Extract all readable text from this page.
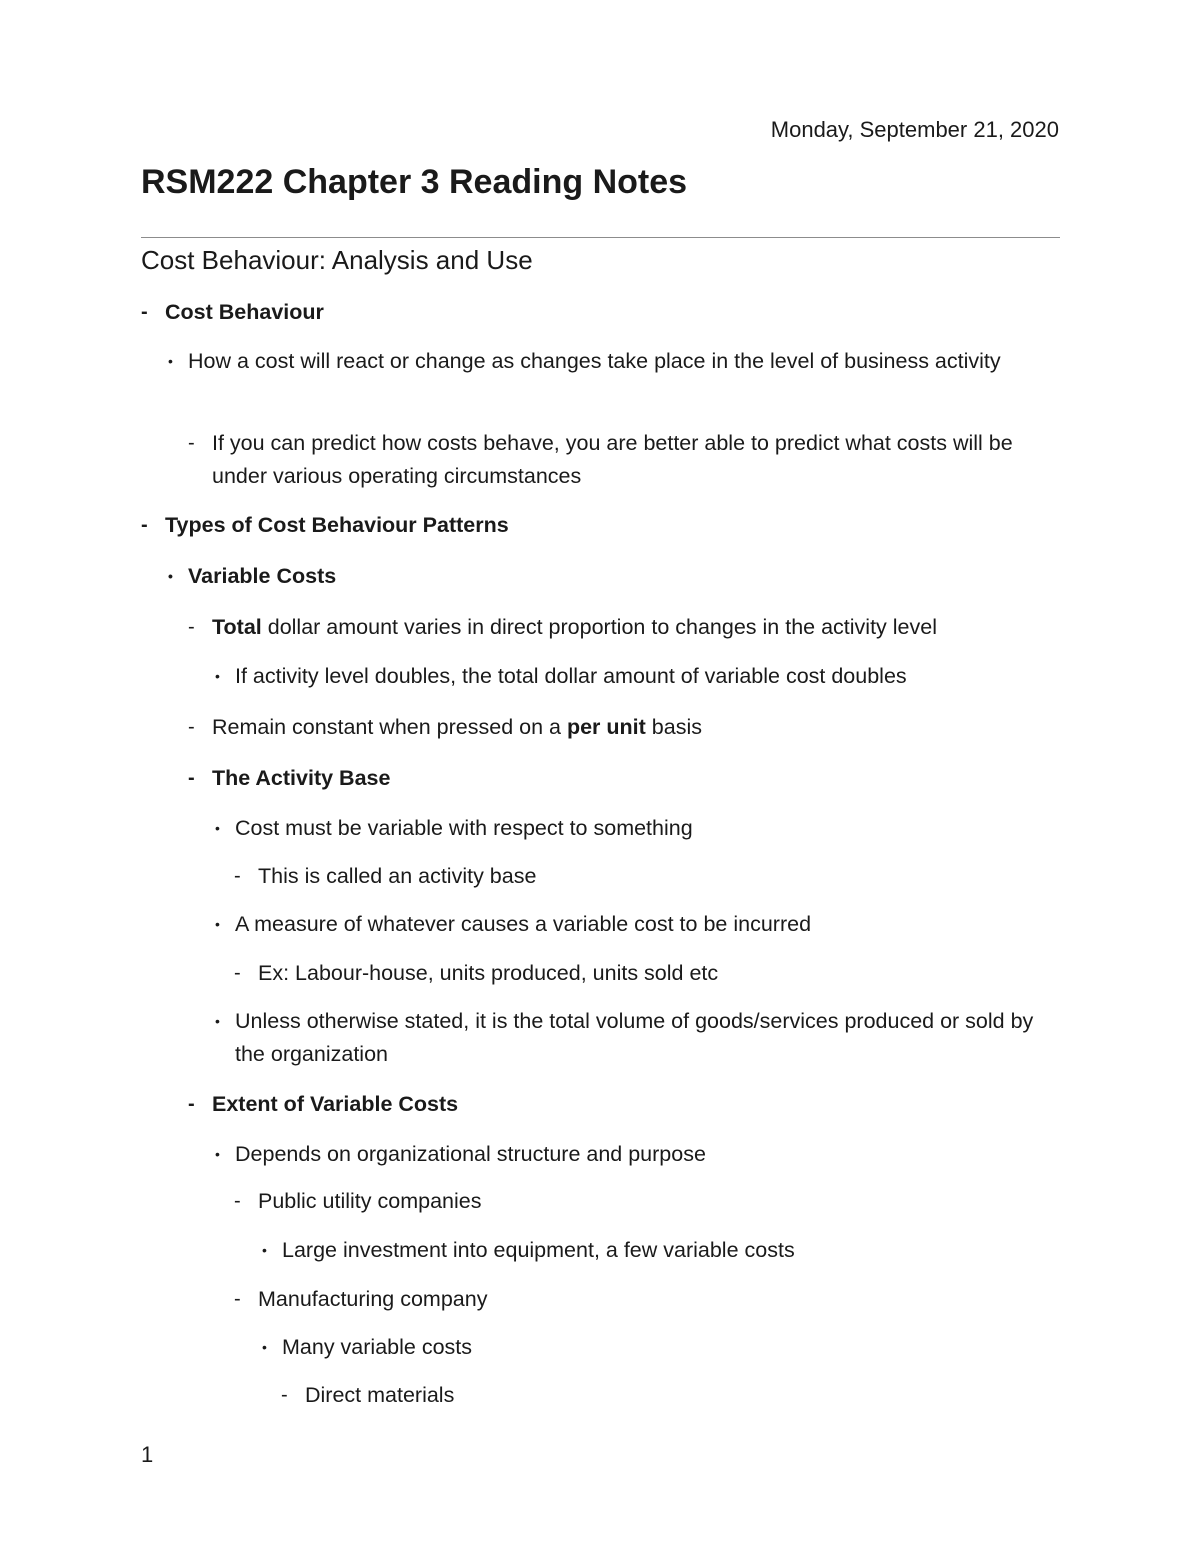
Monday, September 21, 2020
RSM222 Chapter 3 Reading Notes
Cost Behaviour: Analysis and Use
- Cost Behaviour
• How a cost will react or change as changes take place in the level of business activity
- If you can predict how costs behave, you are better able to predict what costs will be under various operating circumstances
- Types of Cost Behaviour Patterns
• Variable Costs
- Total dollar amount varies in direct proportion to changes in the activity level
• If activity level doubles, the total dollar amount of variable cost doubles
- Remain constant when pressed on a per unit basis
- The Activity Base
• Cost must be variable with respect to something
- This is called an activity base
• A measure of whatever causes a variable cost to be incurred
- Ex: Labour-house, units produced, units sold etc
• Unless otherwise stated, it is the total volume of goods/services produced or sold by the organization
- Extent of Variable Costs
• Depends on organizational structure and purpose
- Public utility companies
• Large investment into equipment, a few variable costs
- Manufacturing company
• Many variable costs
- Direct materials
1
